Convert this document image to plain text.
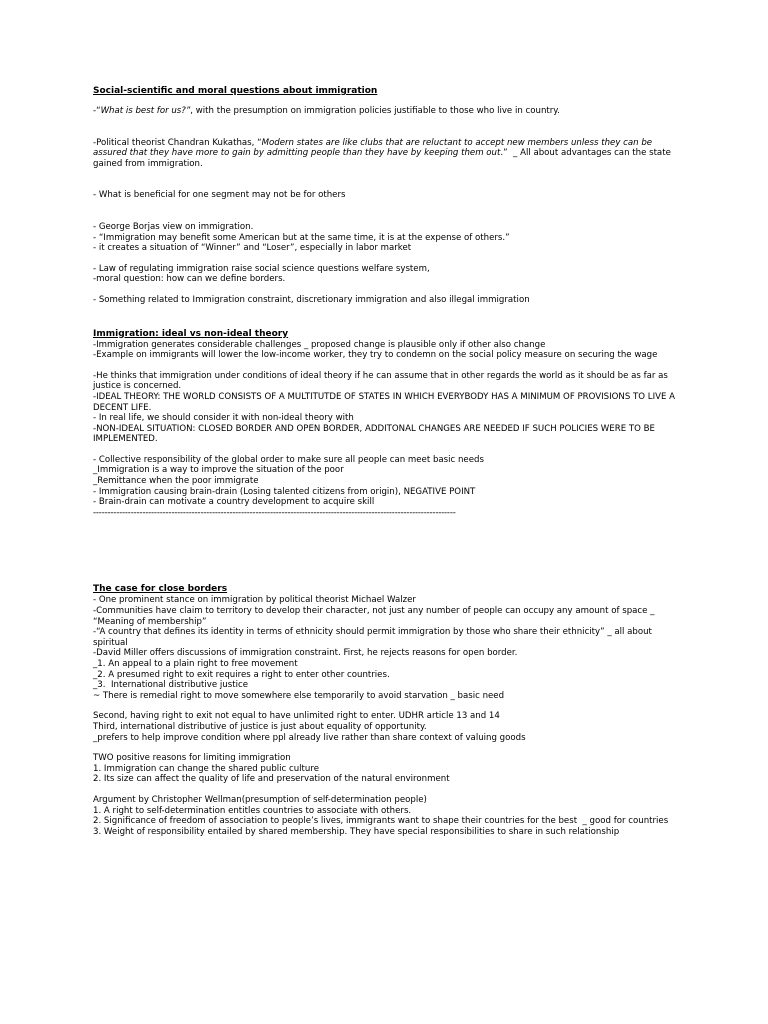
Social-scientific and moral questions about immigration

-“What is best for us?”, with the presumption on immigration policies justifiable to those who live in country.

-Political theorist Chandran Kukathas, “Modern states are like clubs that are reluctant to accept new members unless they can be assured that they have more to gain by admitting people than they have by keeping them out.”  _ All about advantages can the state gained from immigration.

- What is beneficial for one segment may not be for others

- George Borjas view on immigration.

- “Immigration may benefit some American but at the same time, it is at the expense of others.”

- it creates a situation of “Winner” and “Loser”, especially in labor market

- Law of regulating immigration raise social science questions welfare system,

-moral question: how can we define borders.

- Something related to Immigration constraint, discretionary immigration and also illegal immigration

Immigration: ideal vs non-ideal theory

-Immigration generates considerable challenges _ proposed change is plausible only if other also change

-Example on immigrants will lower the low-income worker, they try to condemn on the social policy measure on securing the wage

-He thinks that immigration under conditions of ideal theory if he can assume that in other regards the world as it should be as far as justice is concerned.

-IDEAL THEORY: THE WORLD CONSISTS OF A MULTITUTDE OF STATES IN WHICH EVERYBODY HAS A MINIMUM OF PROVISIONS TO LIVE A DECENT LIFE.

- In real life, we should consider it with non-ideal theory with

-NON-IDEAL SITUATION: CLOSED BORDER AND OPEN BORDER, ADDITONAL CHANGES ARE NEEDED IF SUCH POLICIES WERE TO BE IMPLEMENTED.

- Collective responsibility of the global order to make sure all people can meet basic needs

_Immigration is a way to improve the situation of the poor

_Remittance when the poor immigrate

- Immigration causing brain-drain (Losing talented citizens from origin), NEGATIVE POINT

- Brain-drain can motivate a country development to acquire skill

-----------------------------------------------------------------------------------------------------------------------------

The case for close borders

- One prominent stance on immigration by political theorist Michael Walzer

-Communities have claim to territory to develop their character, not just any number of people can occupy any amount of space _ “Meaning of membership”

-“A country that defines its identity in terms of ethnicity should permit immigration by those who share their ethnicity” _ all about spiritual

-David Miller offers discussions of immigration constraint. First, he rejects reasons for open border.

_1. An appeal to a plain right to free movement

_2. A presumed right to exit requires a right to enter other countries.

_3.  International distributive justice

~ There is remedial right to move somewhere else temporarily to avoid starvation _ basic need

Second, having right to exit not equal to have unlimited right to enter. UDHR article 13 and 14

Third, international distributive of justice is just about equality of opportunity.

_prefers to help improve condition where ppl already live rather than share context of valuing goods

TWO positive reasons for limiting immigration

1. Immigration can change the shared public culture

2. Its size can affect the quality of life and preservation of the natural environment

Argument by Christopher Wellman(presumption of self-determination people)

1. A right to self-determination entitles countries to associate with others.

2. Significance of freedom of association to people’s lives, immigrants want to shape their countries for the best  _ good for countries

3. Weight of responsibility entailed by shared membership. They have special responsibilities to share in such relationship
